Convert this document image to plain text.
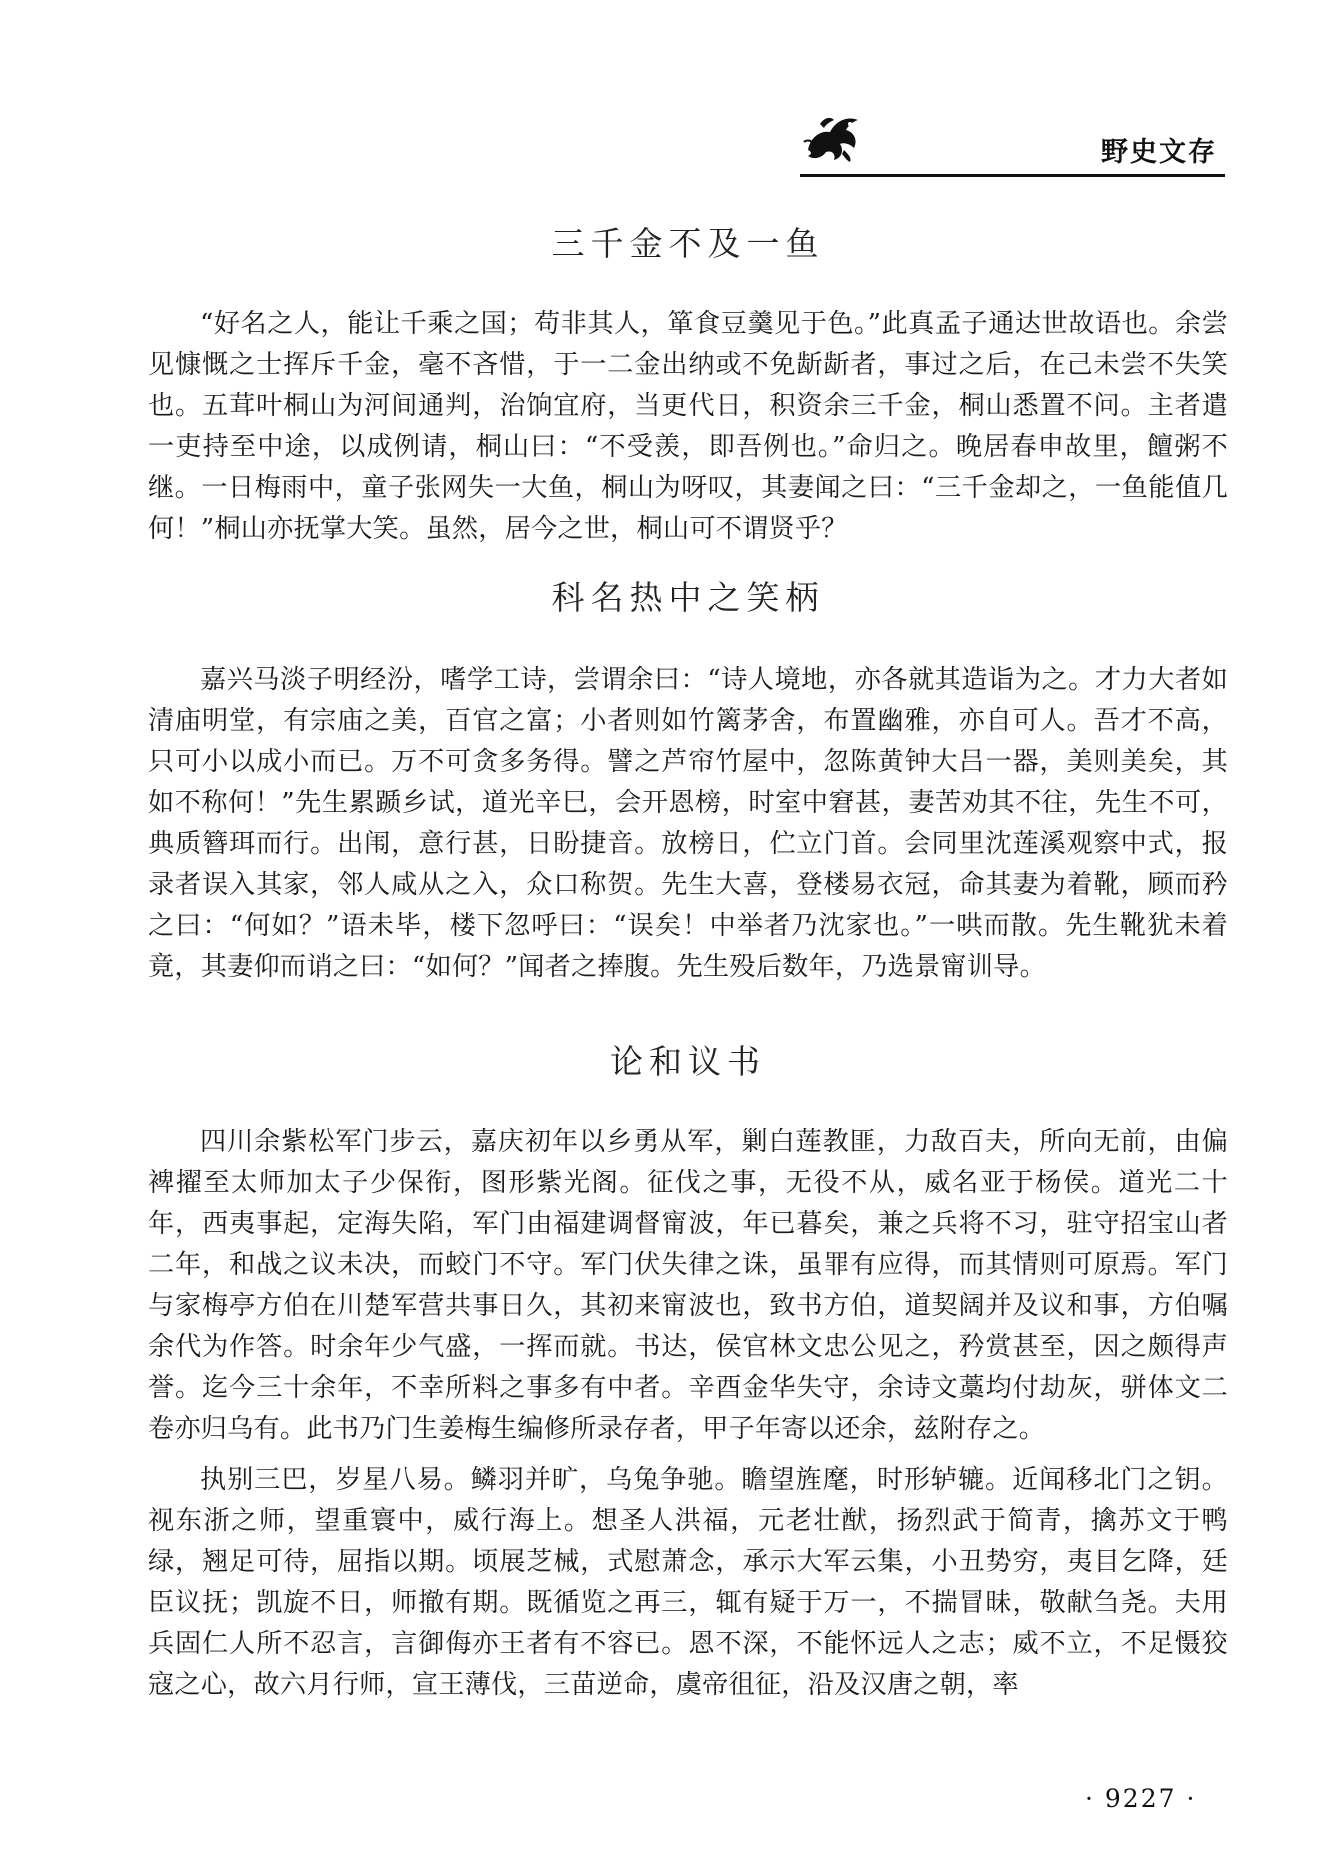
野史文存
三千金不及一鱼

“好名之人，能让千乘之国；苟非其人，箪食豆羹见于色。”此真孟子通达世故语也。余尝见慷慨之士挥斥千金，毫不吝惜，于一二金出纳或不免龂龂者，事过之后，在己未尝不失笑也。五茸叶桐山为河间通判，治饷宜府，当更代日，积资余三千金，桐山悉置不问。主者遣一吏持至中途，以成例请，桐山曰：“不受羡，即吾例也。”命归之。晚居春申故里，饘粥不继。一日梅雨中，童子张网失一大鱼，桐山为呀叹，其妻闻之曰：“三千金却之，一鱼能值几何！”桐山亦抚掌大笑。虽然，居今之世，桐山可不谓贤乎？

科名热中之笑柄

嘉兴马淡子明经汾，嗜学工诗，尝谓余曰：“诗人境地，亦各就其造诣为之。才力大者如清庙明堂，有宗庙之美，百官之富；小者则如竹篱茅舍，布置幽雅，亦自可人。吾才不高，只可小以成小而已。万不可贪多务得。譬之芦帘竹屋中，忽陈黄钟大吕一器，美则美矣，其如不称何！”先生累踬乡试，道光辛巳，会开恩榜，时室中窘甚，妻苦劝其不往，先生不可，典质簪珥而行。出闱，意行甚，日盼捷音。放榜日，伫立门首。会同里沈莲溪观察中式，报录者误入其家，邻人咸从之入，众口称贺。先生大喜，登楼易衣冠，命其妻为着靴，顾而矜之曰：“何如？”语未毕，楼下忽呼曰：“误矣！中举者乃沈家也。”一哄而散。先生靴犹未着竟，其妻仰而诮之曰：“如何？”闻者之捧腹。先生殁后数年，乃选景甯训导。

论和议书

四川余紫松军门步云，嘉庆初年以乡勇从军，剿白莲教匪，力敌百夫，所向无前，由偏裨擢至太师加太子少保衔，图形紫光阁。征伐之事，无役不从，威名亚于杨侯。道光二十年，西夷事起，定海失陷，军门由福建调督甯波，年已暮矣，兼之兵将不习，驻守招宝山者二年，和战之议未决，而蛟门不守。军门伏失律之诛，虽罪有应得，而其情则可原焉。军门与家梅亭方伯在川楚军营共事日久，其初来甯波也，致书方伯，道契阔并及议和事，方伯嘱余代为作答。时余年少气盛，一挥而就。书达，侯官林文忠公见之，矜赏甚至，因之颇得声誉。迄今三十余年，不幸所料之事多有中者。辛酉金华失守，余诗文藁均付劫灰，骈体文二卷亦归乌有。此书乃门生姜梅生编修所录存者，甲子年寄以还余，兹附存之。

执别三巴，岁星八易。鳞羽并旷，乌兔争驰。瞻望旌麾，时形轳辘。近闻移北门之钥。视东浙之师，望重寰中，威行海上。想圣人洪福，元老壮猷，扬烈武于简青，擒苏文于鸭绿，翘足可待，屈指以期。顷展芝械，式慰萧念，承示大军云集，小丑势穷，夷目乞降，廷臣议抚；凯旋不日，师撤有期。既循览之再三，辄有疑于万一，不揣冒昧，敬献刍尧。夫用兵固仁人所不忍言，言御侮亦王者有不容已。恩不深，不能怀远人之志；威不立，不足慑狡寇之心，故六月行师，宣王薄伐，三苗逆命，虞帝徂征，沿及汉唐之朝，率

· 9227 ·
